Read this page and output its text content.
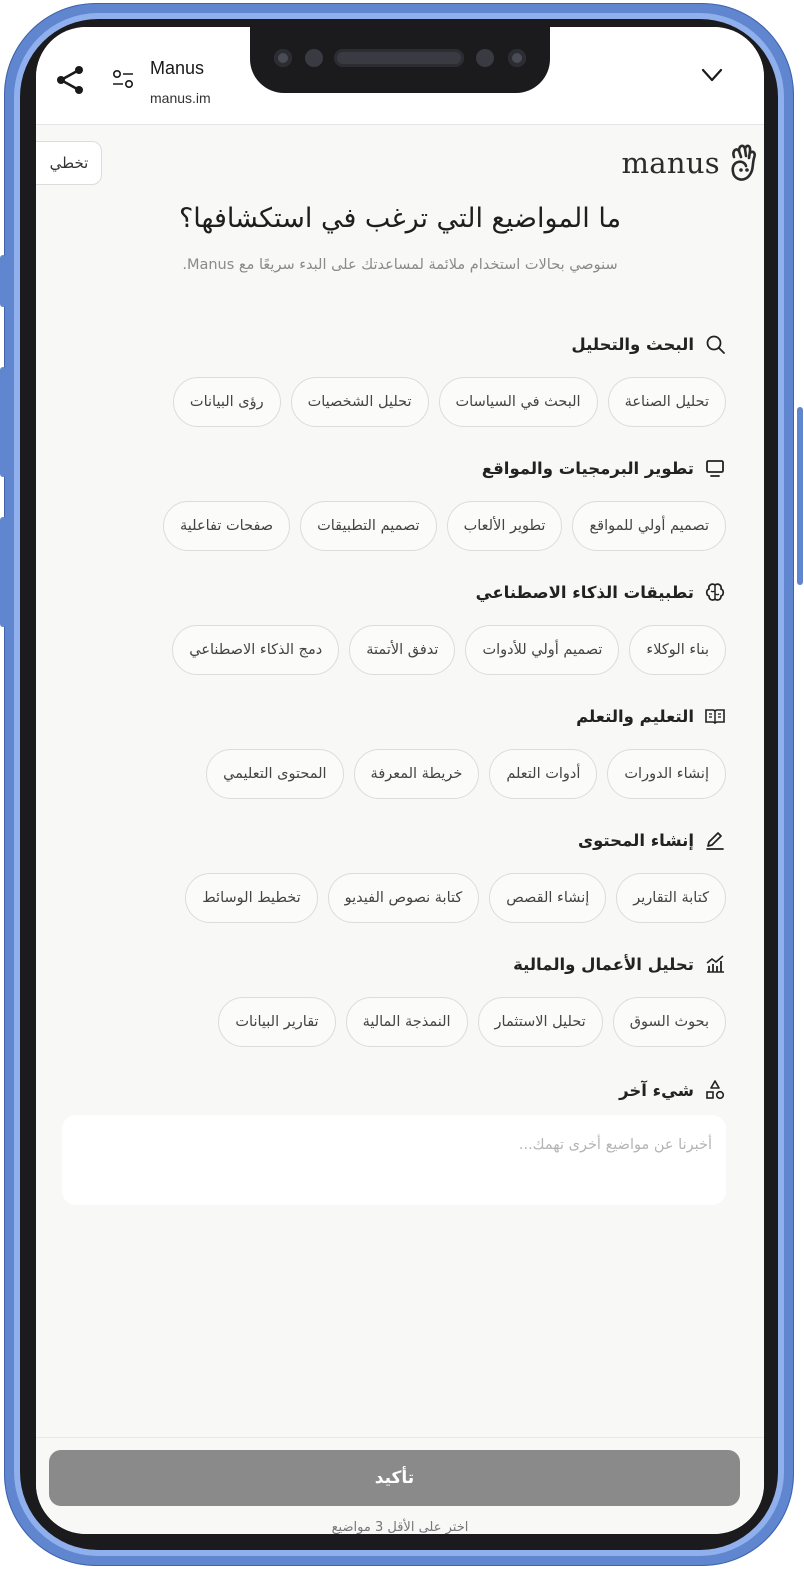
Manus
manus.im
تخطي	manus
ما المواضيع التي ترغب في استكشافها؟
سنوصي بحالات استخدام ملائمة لمساعدتك على البدء سريعًا مع Manus.
البحث والتحليل
تحليل الصناعة
البحث في السياسات
تحليل الشخصيات
رؤى البيانات
تطوير البرمجيات والمواقع
تصميم أولي للمواقع
تطوير الألعاب
تصميم التطبيقات
صفحات تفاعلية
تطبيقات الذكاء الاصطناعي
بناء الوكلاء
تصميم أولي للأدوات
تدفق الأتمتة
دمج الذكاء الاصطناعي
التعليم والتعلم
إنشاء الدورات
أدوات التعلم
خريطة المعرفة
المحتوى التعليمي
إنشاء المحتوى
كتابة التقارير
إنشاء القصص
كتابة نصوص الفيديو
تخطيط الوسائط
تحليل الأعمال والمالية
بحوث السوق
تحليل الاستثمار
النمذجة المالية
تقارير البيانات
شيء آخر
أخبرنا عن مواضيع أخرى تهمك...
تأكيد
اختر على الأقل 3 مواضيع
